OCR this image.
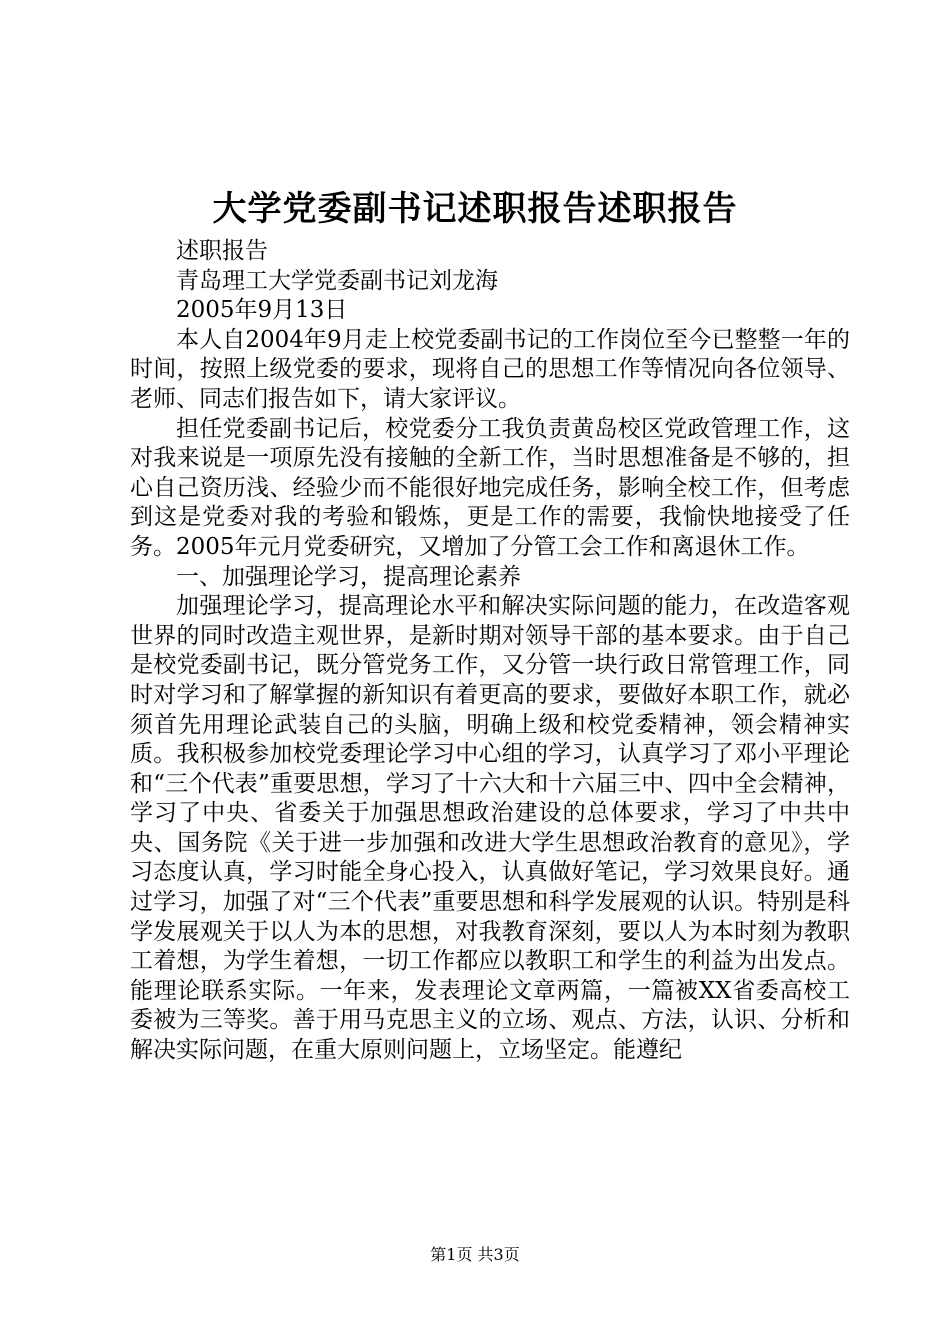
大学党委副书记述职报告述职报告

述职报告

青岛理工大学党委副书记刘龙海

2005年9月13日

本人自2004年9月走上校党委副书记的工作岗位至今已整整一年的时间，按照上级党委的要求，现将自己的思想工作等情况向各位领导、老师、同志们报告如下，请大家评议。

担任党委副书记后，校党委分工我负责黄岛校区党政管理工作，这对我来说是一项原先没有接触的全新工作，当时思想准备是不够的，担心自己资历浅、经验少而不能很好地完成任务，影响全校工作，但考虑到这是党委对我的考验和锻炼，更是工作的需要，我愉快地接受了任务。2005年元月党委研究，又增加了分管工会工作和离退休工作。

一、加强理论学习，提高理论素养

加强理论学习，提高理论水平和解决实际问题的能力，在改造客观世界的同时改造主观世界，是新时期对领导干部的基本要求。由于自己是校党委副书记，既分管党务工作，又分管一块行政日常管理工作，同时对学习和了解掌握的新知识有着更高的要求，要做好本职工作，就必须首先用理论武装自己的头脑，明确上级和校党委精神，领会精神实质。我积极参加校党委理论学习中心组的学习，认真学习了邓小平理论和“三个代表”重要思想，学习了十六大和十六届三中、四中全会精神，学习了中央、省委关于加强思想政治建设的总体要求，学习了中共中央、国务院《关于进一步加强和改进大学生思想政治教育的意见》，学习态度认真，学习时能全身心投入，认真做好笔记，学习效果良好。通过学习，加强了对“三个代表”重要思想和科学发展观的认识。特别是科学发展观关于以人为本的思想，对我教育深刻，要以人为本时刻为教职工着想，为学生着想，一切工作都应以教职工和学生的利益为出发点。能理论联系实际。一年来，发表理论文章两篇，一篇被XX省委高校工委被为三等奖。善于用马克思主义的立场、观点、方法，认识、分析和解决实际问题，在重大原则问题上，立场坚定。能遵纪

第1页 共3页
